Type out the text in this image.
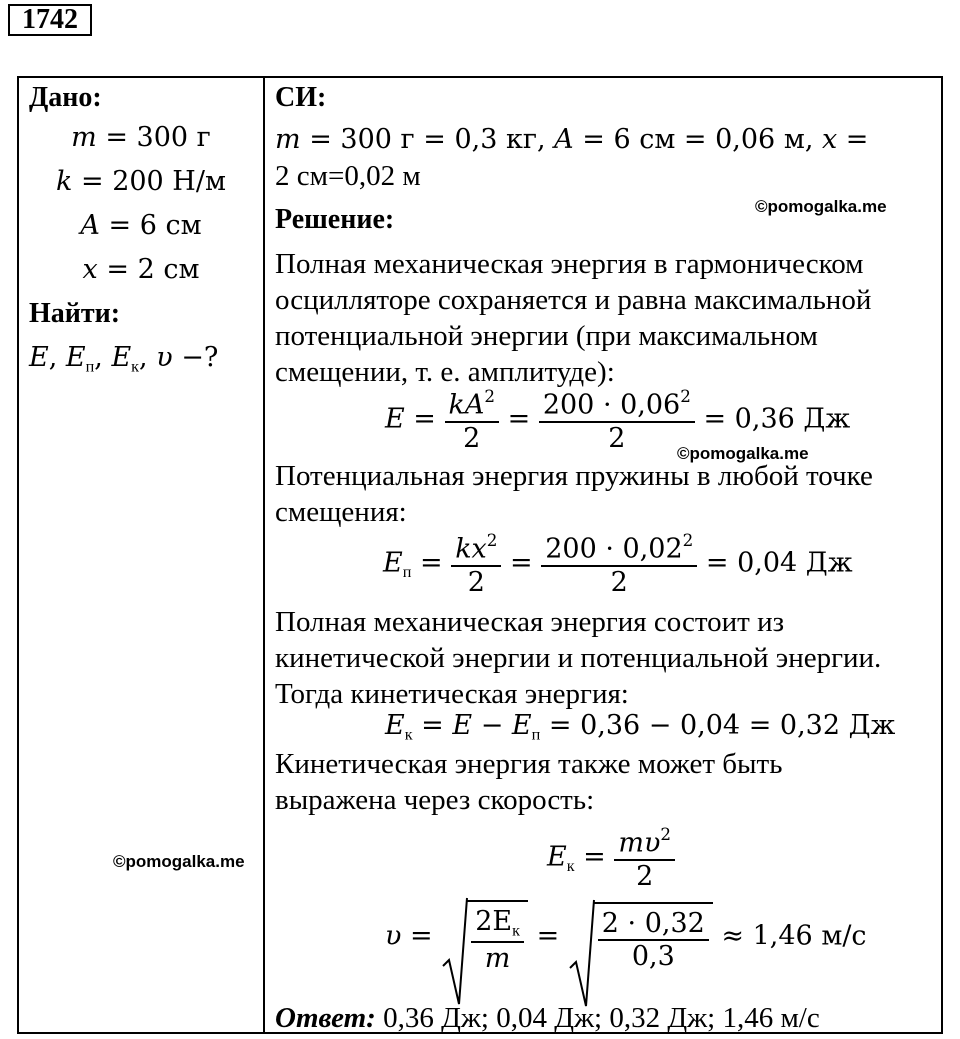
1742
Дано:
m = 300 г
k = 200 Н/м
A = 6 см
x = 2 см
Найти:
E, $E_п$, $E_к$, υ −?
©pomogalka.me
СИ:
m = 300 г = 0,3 кг, A = 6 см = 0,06 м, x =
2 см=0,02 м
Решение:	©pomogalka.me
Полная механическая энергия в гармоническом
осцилляторе сохраняется и равна максимальной
потенциальной энергии (при максимальном
смещении, т. е. амплитуде):
$E = \frac{kA^2}{2} = \frac{200 \cdot 0,06^2}{2} = 0,36$ Дж
©pomogalka.me
Потенциальная энергия пружины в любой точке
смещения:
$E_п = \frac{kx^2}{2} = \frac{200 \cdot 0,02^2}{2} = 0,04$ Дж
Полная механическая энергия состоит из
кинетической энергии и потенциальной энергии.
Тогда кинетическая энергия:
$E_к = E - E_п = 0,36 - 0,04 = 0,32$ Дж
Кинетическая энергия также может быть
выражена через скорость:
$E_к = \frac{m\upsilon^2}{2}$
$\upsilon = \frac{2E_к}{m} = \frac{2 \cdot 0,32}{0,3} \approx 1,46$ м/с
Ответ: 0,36 Дж; 0,04 Дж; 0,32 Дж; 1,46 м/с
